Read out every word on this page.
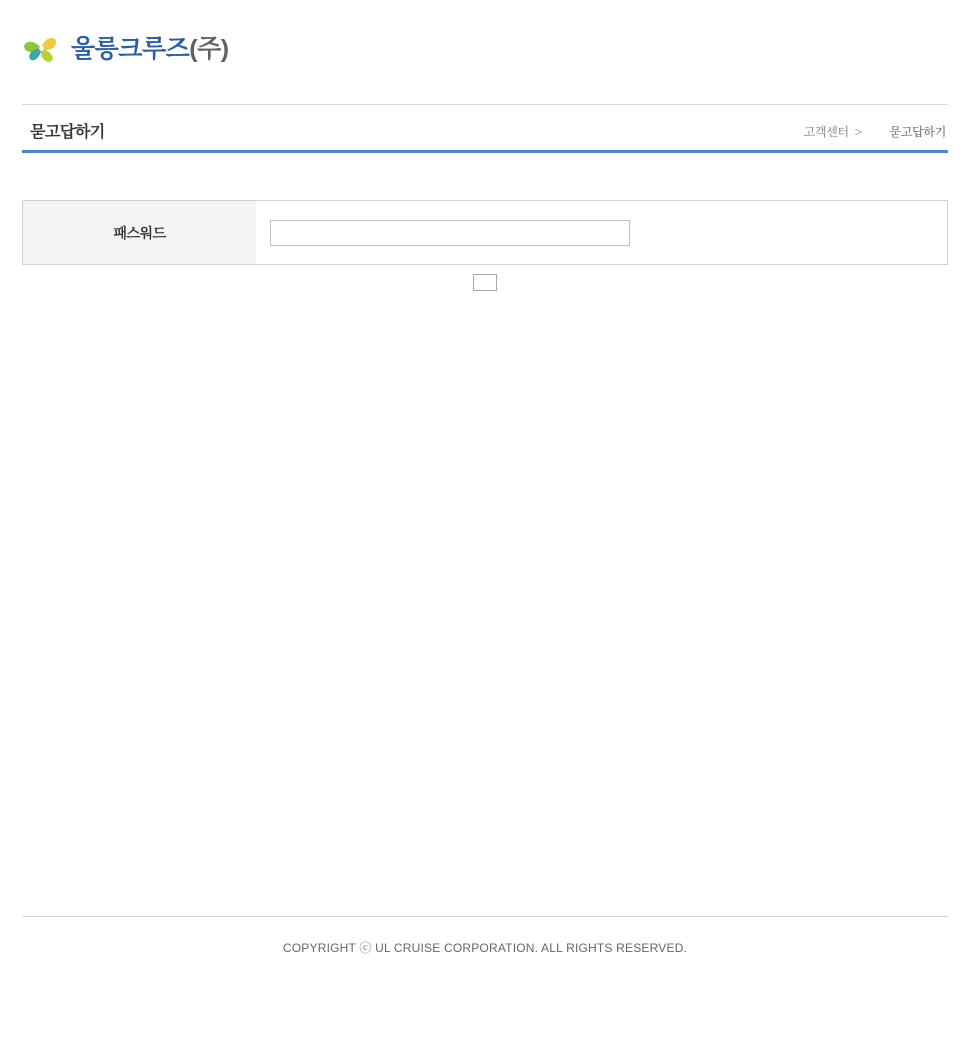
울릉크루즈(주)
묻고답하기	고객센터 > 묻고답하기
패스워드	
COPYRIGHT ⓒ UL CRUISE CORPORATION. ALL RIGHTS RESERVED.
